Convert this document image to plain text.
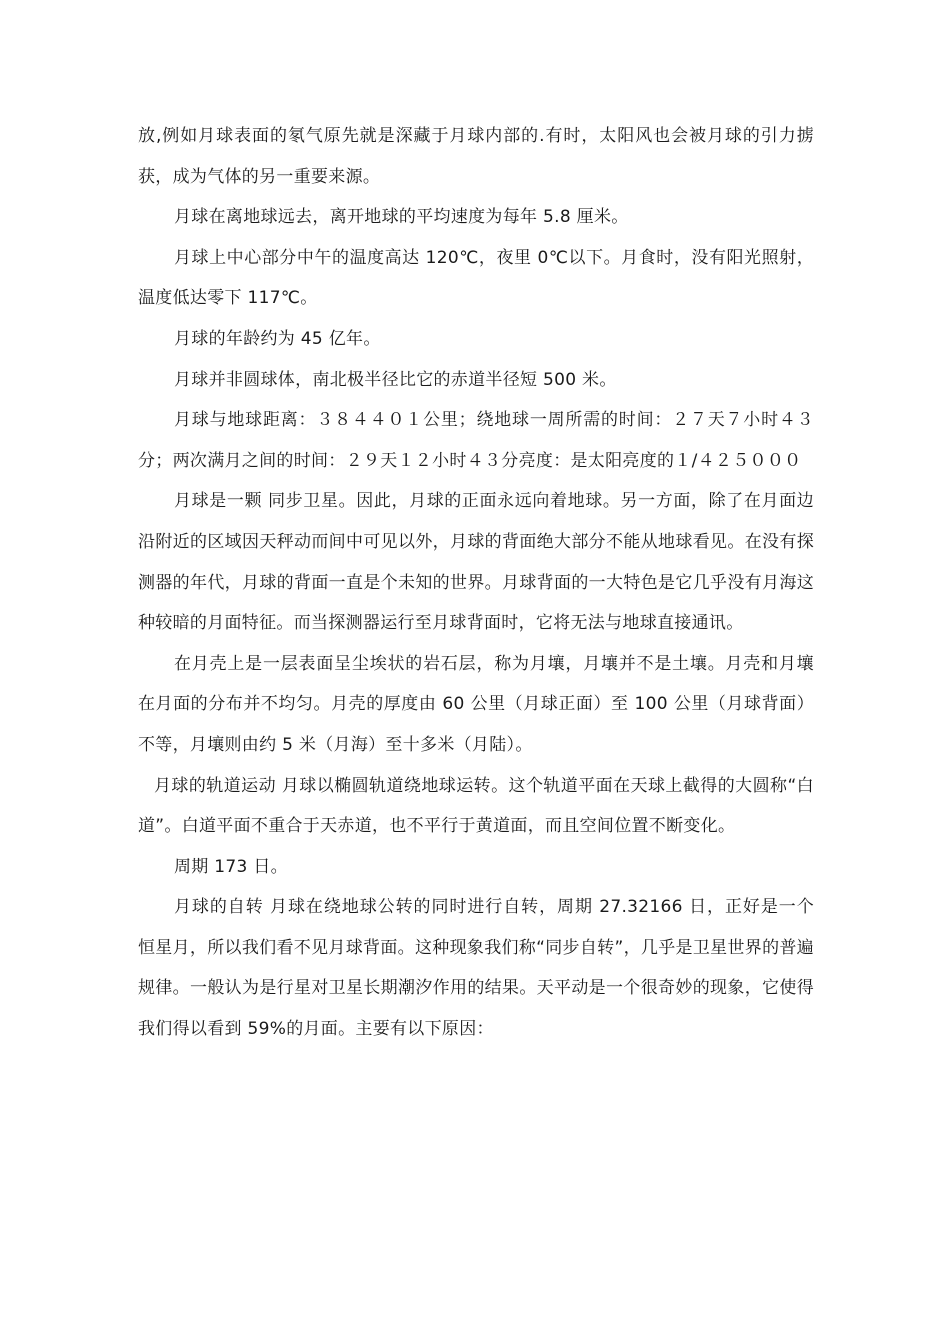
放,例如月球表面的氡气原先就是深藏于月球内部的.有时，太阳风也会被月球的引力掳获，成为气体的另一重要来源。

月球在离地球远去，离开地球的平均速度为每年 5.8 厘米。

月球上中心部分中午的温度高达 120℃，夜里 0℃以下。月食时，没有阳光照射，温度低达零下 117℃。

月球的年龄约为 45 亿年。

月球并非圆球体，南北极半径比它的赤道半径短 500 米。

月球与地球距离：３８４４０１公里；绕地球一周所需的时间：２７天７小时４３分；两次满月之间的时间：２９天１２小时４３分亮度：是太阳亮度的１/４２５０００

月球是一颗 同步卫星。因此，月球的正面永远向着地球。另一方面，除了在月面边沿附近的区域因天秤动而间中可见以外，月球的背面绝大部分不能从地球看见。在没有探测器的年代，月球的背面一直是个未知的世界。月球背面的一大特色是它几乎没有月海这种较暗的月面特征。而当探测器运行至月球背面时，它将无法与地球直接通讯。

在月壳上是一层表面呈尘埃状的岩石层，称为月壤，月壤并不是土壤。月壳和月壤在月面的分布并不均匀。月壳的厚度由 60 公里（月球正面）至 100 公里（月球背面）不等，月壤则由约 5 米（月海）至十多米（月陆）。

月球的轨道运动 月球以椭圆轨道绕地球运转。这个轨道平面在天球上截得的大圆称“白道”。白道平面不重合于天赤道，也不平行于黄道面，而且空间位置不断变化。

周期 173 日。

月球的自转 月球在绕地球公转的同时进行自转，周期 27.32166 日，正好是一个 恒星月，所以我们看不见月球背面。这种现象我们称“同步自转”，几乎是卫星世界的普遍规律。一般认为是行星对卫星长期潮汐作用的结果。天平动是一个很奇妙的现象，它使得我们得以看到 59%的月面。主要有以下原因：
